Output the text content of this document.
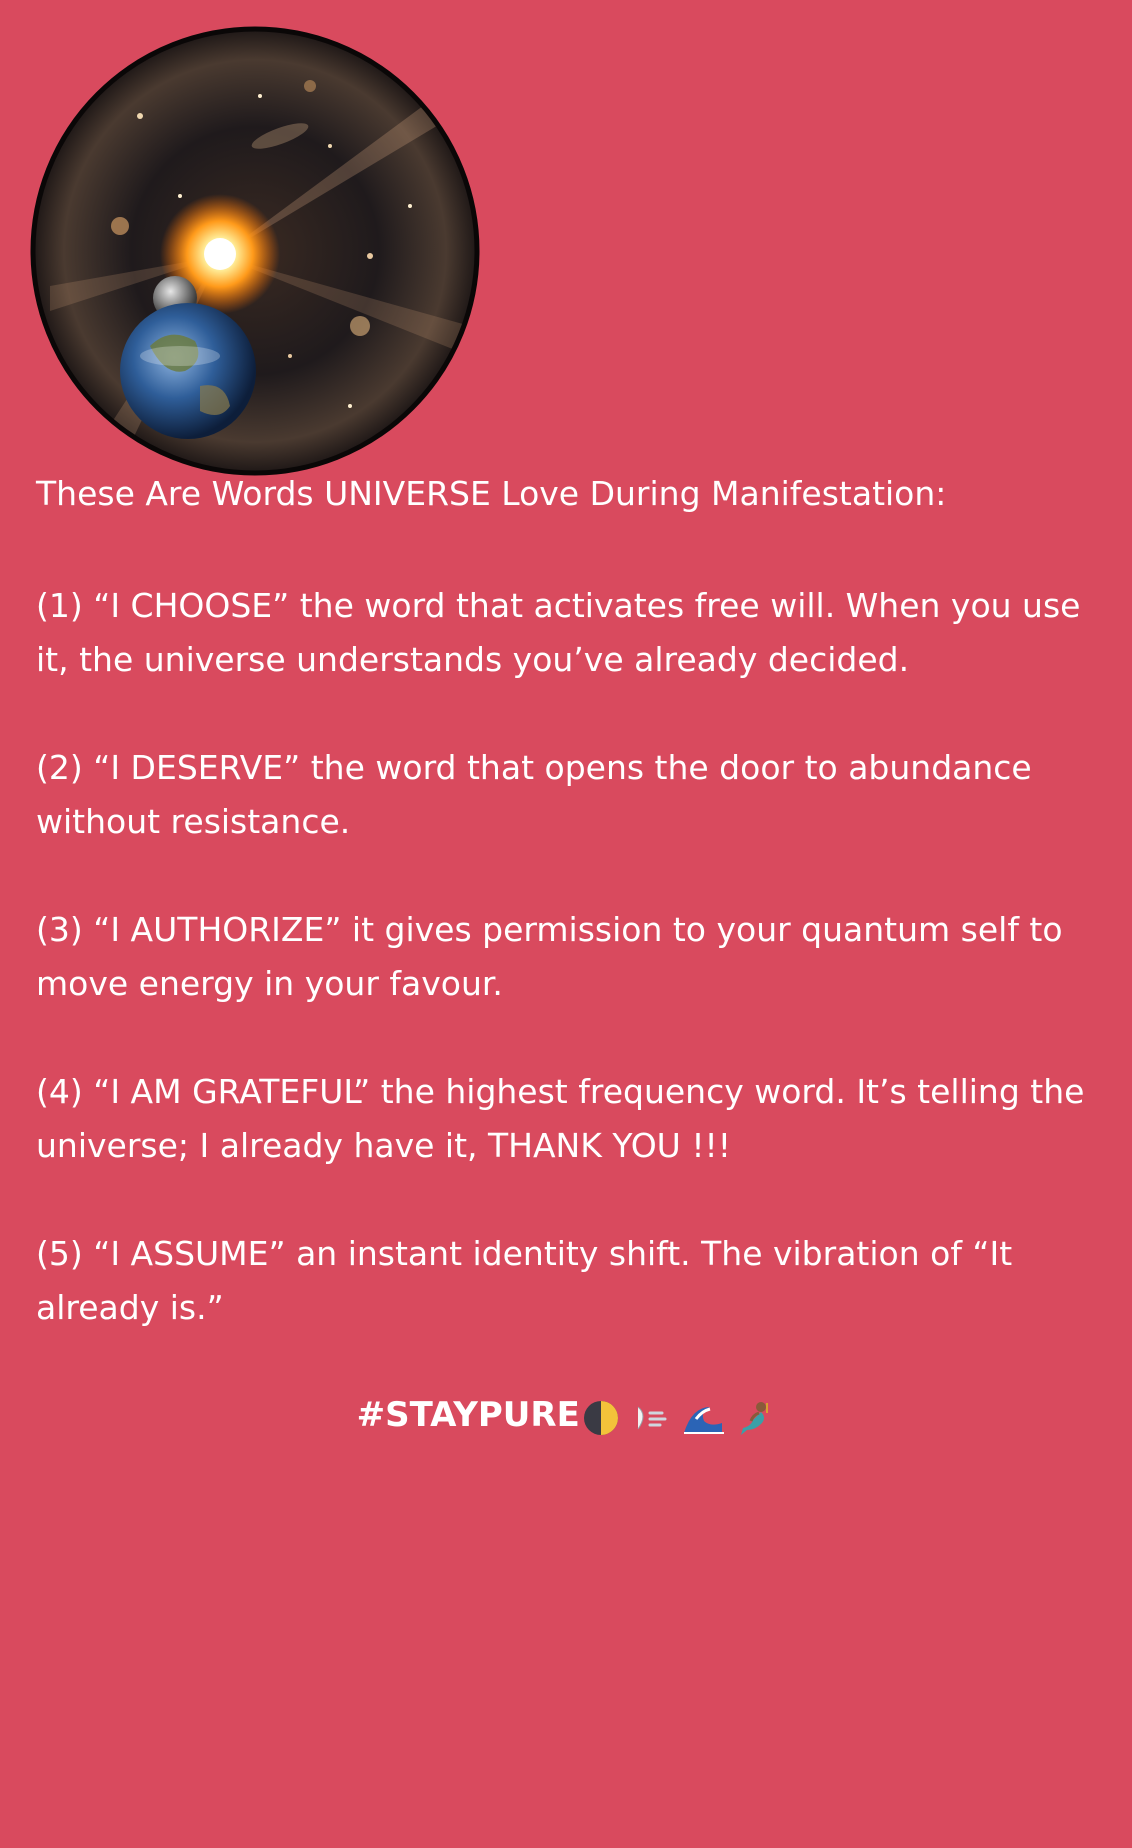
These Are Words UNIVERSE Love During Manifestation:
(1) “I CHOOSE” the word that activates free will. When you use it, the universe understands you’ve already decided.
(2) “I DESERVE” the word that opens the door to abundance without resistance.
(3) “I AUTHORIZE” it gives permission to your quantum self to move energy in your favour.
(4) “I AM GRATEFUL” the highest frequency word. It’s telling the universe; I already have it, THANK YOU !!!
(5) “I ASSUME” an instant identity shift. The vibration of “It already is.”
#STAYPURE
